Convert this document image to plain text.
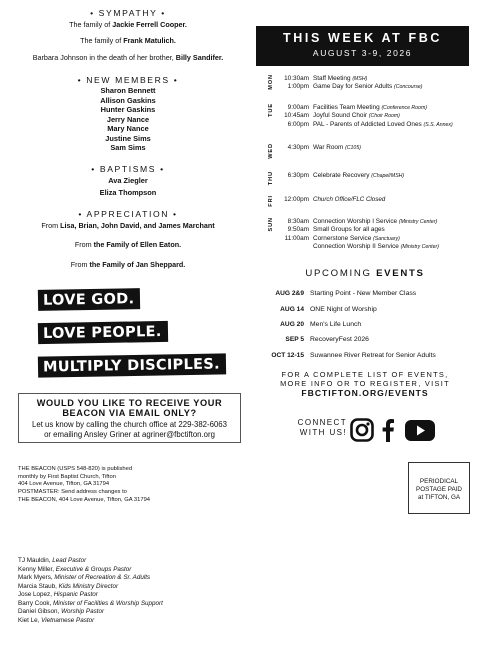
• SYMPATHY •

The family of Jackie Ferrell Cooper.

The family of Frank Matulich.

Barbara Johnson in the death of her brother, Billy Sandifer.

• NEW MEMBERS •
Sharon Bennett
Allison Gaskins
Hunter Gaskins
Jerry Nance
Mary Nance
Justine Sims
Sam Sims
• BAPTISMS •
Ava Ziegler
Eliza Thompson
• APPRECIATION •

From Lisa, Brian, John David, and James Marchant

From the Family of Ellen Eaton.

From the Family of Jan Sheppard.

LOVE GOD.
LOVE PEOPLE.
MULTIPLY DISCIPLES.
WOULD YOU LIKE TO RECEIVE YOUR
BEACON VIA EMAIL ONLY?
Let us know by calling the church office at 229-382-6063
or emailing Ansley Griner at agriner@fbctifton.org
THIS WEEK AT FBC
AUGUST 3-9, 2026
MON	10:30am Staff Meeting (MSH)
1:00pm Game Day for Senior Adults (Concourse)
TUE	9:00am Facilities Team Meeting (Conference Room)
10:45am Joyful Sound Choir (Choir Room)
6:00pm PAL - Parents of Addicted Loved Ones (S.S. Annex)
WED	4:30pm War Room (C105)
THU	6:30pm Celebrate Recovery (Chapel/MSH)
FRI	12:00pm Church Office/FLC Closed
SUN	8:30am Connection Worship I Service (Ministry Center)
9:50am Small Groups for all ages
11:00am Cornerstone Service (Sanctuary)
Connection Worship II Service (Ministry Center)
UPCOMING EVENTS
AUG 2&9 Starting Point - New Member Class
AUG 14 ONE Night of Worship
AUG 20 Men's Life Lunch
SEP 5 RecoveryFest 2026
OCT 12-15 Suwannee River Retreat for Senior Adults
FOR A COMPLETE LIST OF EVENTS,
MORE INFO OR TO REGISTER, VISIT
FBCTIFTON.ORG/EVENTS
CONNECT
WITH US!
THE BEACON (USPS 548-820) is published
monthly by First Baptist Church, Tifton
404 Love Avenue, Tifton, GA 31794
POSTMASTER: Send address changes to
THE BEACON, 404 Love Avenue, Tifton, GA 31794
PERIODICAL
POSTAGE PAID
at TIFTON, GA
TJ Mauldin, Lead Pastor
Kenny Miller, Executive & Groups Pastor
Mark Myers, Minister of Recreation & Sr. Adults
Marcia Staub, Kids Ministry Director
Jose Lopez, Hispanic Pastor
Barry Cook, Minister of Facilities & Worship Support
Daniel Gibson, Worship Pastor
Kiet Le, Vietnamese Pastor
